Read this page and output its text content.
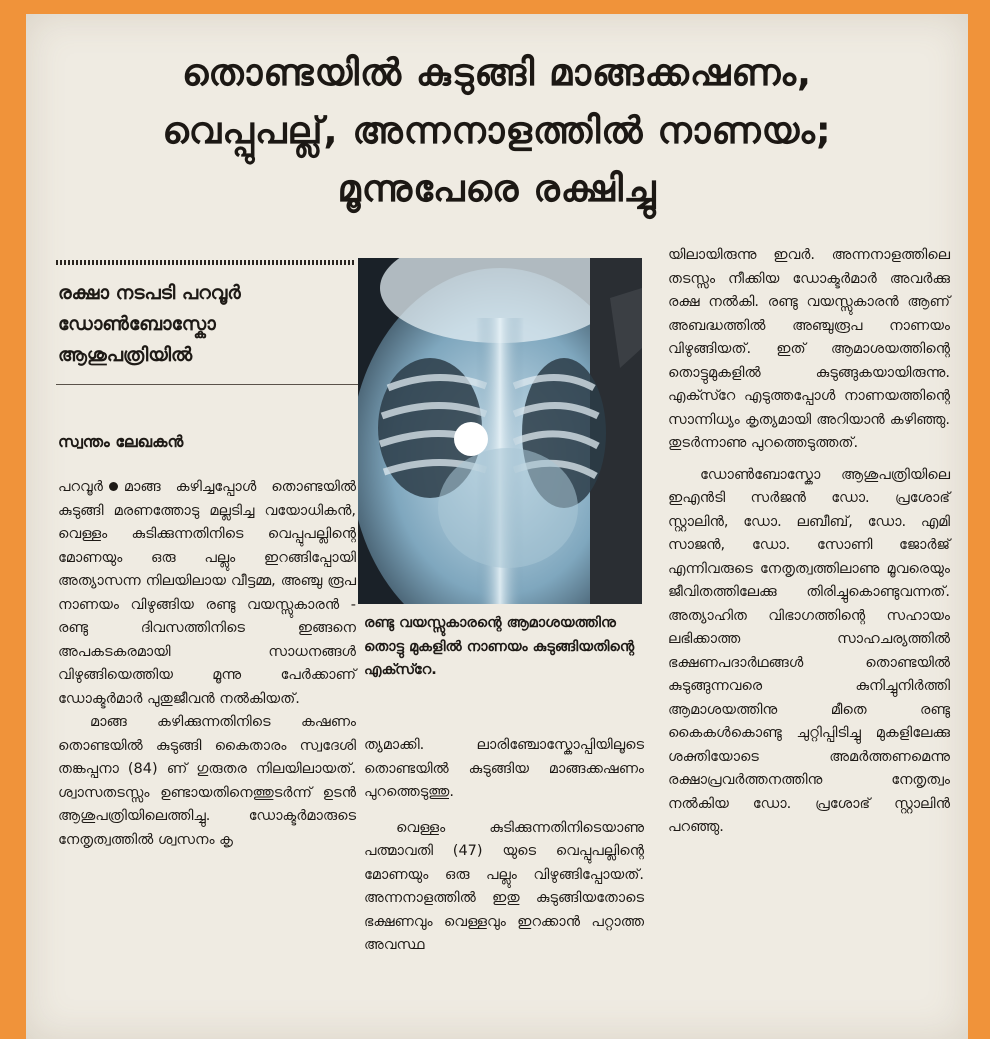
തൊണ്ടയിൽ കുടുങ്ങി മാങ്ങക്കഷണം,
വെപ്പുപല്ല്, അന്നനാളത്തിൽ നാണയം;
മൂന്നുപേരെ രക്ഷിച്ചു
രക്ഷാ നടപടി പറവൂർ
ഡോൺബോസ്കോ
ആശുപത്രിയിൽ
സ്വന്തം ലേഖകൻ

പറവൂർ മാങ്ങ കഴിച്ചപ്പോൾ തൊണ്ടയിൽ കുടുങ്ങി മരണത്തോടു മല്ലടിച്ച വയോധികൻ, വെള്ളം കുടിക്കുന്നതിനിടെ വെപ്പുപല്ലിന്റെ മോണയും ഒരു പല്ലും ഇറങ്ങിപ്പോയി അത്യാസന്ന നിലയിലായ വീട്ടമ്മ, അഞ്ചു രൂപ നാണയം വിഴുങ്ങിയ രണ്ടു വയസ്സുകാരൻ - രണ്ടു ദിവസത്തിനിടെ ഇങ്ങനെ അപകടകരമായി സാധനങ്ങൾ വിഴുങ്ങിയെത്തിയ മൂന്നു പേർക്കാണ് ഡോക്ടർമാർ പുതുജീവൻ നൽകിയത്.

മാങ്ങ കഴിക്കുന്നതിനിടെ കഷണം തൊണ്ടയിൽ കുടുങ്ങി കൈതാരം സ്വദേശി തങ്കപ്പനാ (84) ണ് ഗുരുതര നിലയിലായത്. ശ്വാസതടസ്സം ഉണ്ടായതിനെത്തുടർന്ന് ഉടൻ ആശുപത്രിയിലെത്തിച്ചു. ഡോക്ടർമാരുടെ നേതൃത്വത്തിൽ ശ്വസനം കൃ

രണ്ടു വയസ്സുകാരന്റെ ആമാശയത്തിനു തൊട്ടു മുകളിൽ നാണയം കുടുങ്ങിയതിന്റെ എക്സ്റേ.

ത്യമാക്കി. ലാരിഞ്ചോസ്കോപ്പിയിലൂടെ തൊണ്ടയിൽ കുടുങ്ങിയ മാങ്ങക്കഷണം പുറത്തെടുത്തു.

വെള്ളം കുടിക്കുന്നതിനിടെയാണു പത്മാവതി (47) യുടെ വെപ്പുപല്ലിന്റെ മോണയും ഒരു പല്ലും വിഴുങ്ങിപ്പോയത്. അന്നനാളത്തിൽ ഇതു കുടുങ്ങിയതോടെ ഭക്ഷണവും വെള്ളവും ഇറക്കാൻ പറ്റാത്ത അവസ്ഥ

യിലായിരുന്നു ഇവർ. അന്നനാളത്തിലെ തടസ്സം നീക്കിയ ഡോക്ടർമാർ അവർക്കു രക്ഷ നൽകി. രണ്ടു വയസ്സുകാരൻ ആണ് അബദ്ധത്തിൽ അഞ്ചുരൂപ നാണയം വിഴുങ്ങിയത്. ഇത് ആമാശയത്തിന്റെ തൊട്ടുമുകളിൽ കുടുങ്ങുകയായിരുന്നു. എക്സ്റേ എടുത്തപ്പോൾ നാണയത്തിന്റെ സാന്നിധ്യം കൃത്യമായി അറിയാൻ കഴിഞ്ഞു. തുടർന്നാണു പുറത്തെടുത്തത്.

ഡോൺബോസ്കോ ആശുപത്രിയിലെ ഇഎൻടി സർജൻ ഡോ. പ്രശോഭ് സ്റ്റാലിൻ, ഡോ. ലബീബ്, ഡോ. എമി സാജൻ, ഡോ. സോണി ജോർജ് എന്നിവരുടെ നേതൃത്വത്തിലാണു മൂവരെയും ജീവിതത്തിലേക്കു തിരിച്ചുകൊണ്ടുവന്നത്. അത്യാഹിത വിഭാഗത്തിന്റെ സഹായം ലഭിക്കാത്ത സാഹചര്യത്തിൽ ഭക്ഷണപദാർഥങ്ങൾ തൊണ്ടയിൽ കുടുങ്ങുന്നവരെ കുനിച്ചുനിർത്തി ആമാശയത്തിനു മീതെ രണ്ടു കൈകൾകൊണ്ടു ചുറ്റിപ്പിടിച്ചു മുകളിലേക്കു ശക്തിയോടെ അമർത്തണമെന്നു രക്ഷാപ്രവർത്തനത്തിനു നേതൃത്വം നൽകിയ ഡോ. പ്രശോഭ് സ്റ്റാലിൻ പറഞ്ഞു.
